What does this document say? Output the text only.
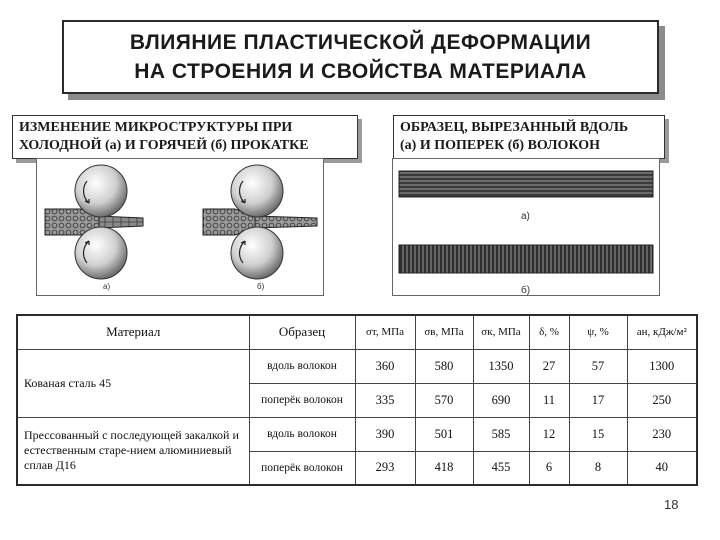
ВЛИЯНИЕ ПЛАСТИЧЕСКОЙ ДЕФОРМАЦИИ
НА СТРОЕНИЯ И СВОЙСТВА МАТЕРИАЛА
ИЗМЕНЕНИЕ МИКРОСТРУКТУРЫ ПРИ
ХОЛОДНОЙ (а) И ГОРЯЧЕЙ (б) ПРОКАТКЕ
ОБРАЗЕЦ, ВЫРЕЗАННЫЙ ВДОЛЬ
(а) И ПОПЕРЕК (б) ВОЛОКОН
а)	б)
а)
б)
Материал	Образец	σт, МПа	σв, МПа	σк, МПа	δ, %	ψ, %	aн, кДж/м²
Кованая сталь 45	вдоль волокон	360	580	1350	27	57	1300
	поперёк волокон	335	570	690	11	17	250
Прессованный с последующей закалкой и естественным старе-нием алюминиевый сплав Д16	вдоль волокон	390	501	585	12	15	230
	поперёк волокон	293	418	455	6	8	40
18
